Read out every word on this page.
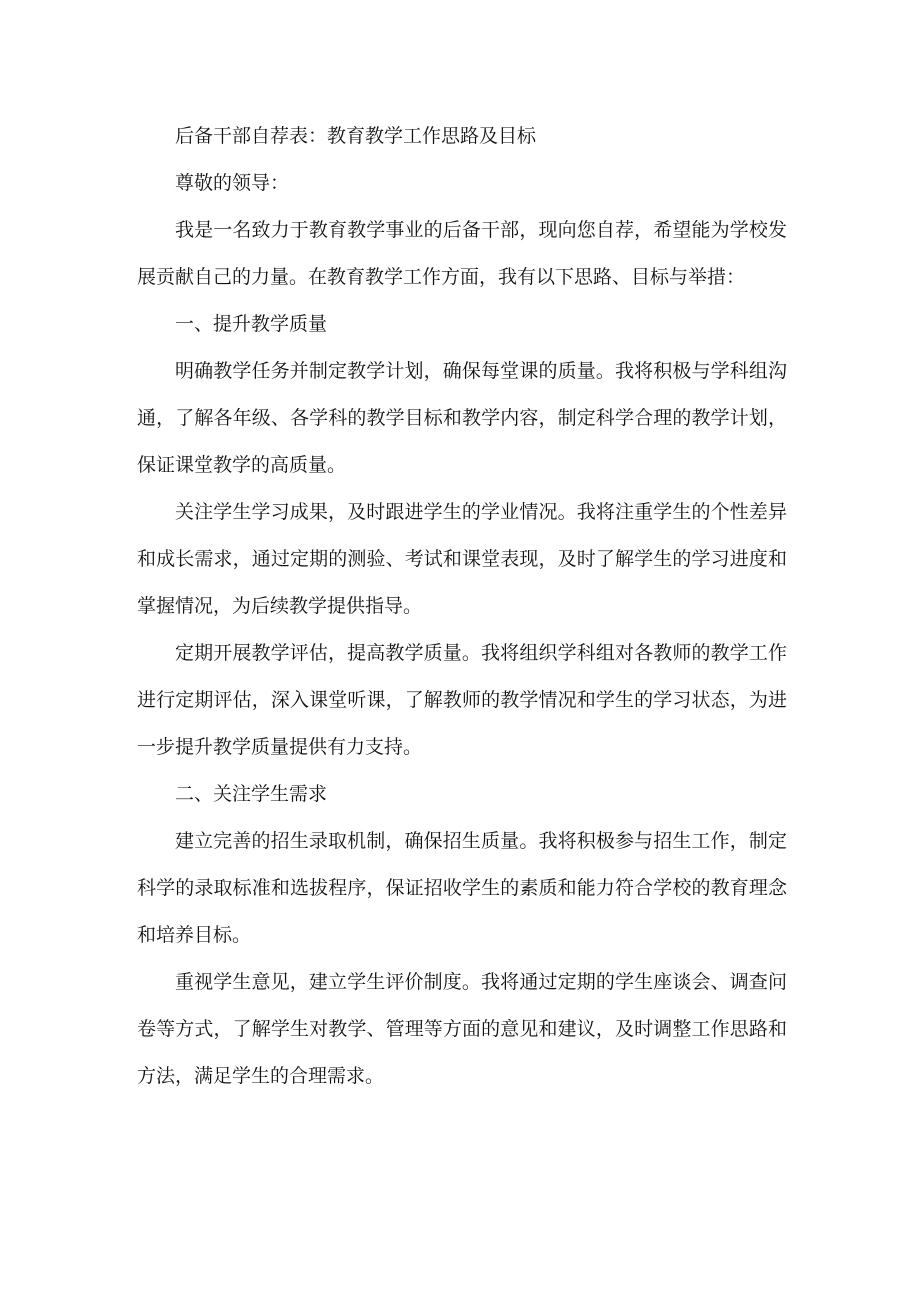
后备干部自荐表：教育教学工作思路及目标

尊敬的领导：

我是一名致力于教育教学事业的后备干部，现向您自荐，希望能为学校发展贡献自己的力量。在教育教学工作方面，我有以下思路、目标与举措：

一、提升教学质量

明确教学任务并制定教学计划，确保每堂课的质量。我将积极与学科组沟通，了解各年级、各学科的教学目标和教学内容，制定科学合理的教学计划，保证课堂教学的高质量。

关注学生学习成果，及时跟进学生的学业情况。我将注重学生的个性差异和成长需求，通过定期的测验、考试和课堂表现，及时了解学生的学习进度和掌握情况，为后续教学提供指导。

定期开展教学评估，提高教学质量。我将组织学科组对各教师的教学工作进行定期评估，深入课堂听课，了解教师的教学情况和学生的学习状态，为进一步提升教学质量提供有力支持。

二、关注学生需求

建立完善的招生录取机制，确保招生质量。我将积极参与招生工作，制定科学的录取标准和选拔程序，保证招收学生的素质和能力符合学校的教育理念和培养目标。

重视学生意见，建立学生评价制度。我将通过定期的学生座谈会、调查问卷等方式，了解学生对教学、管理等方面的意见和建议，及时调整工作思路和方法，满足学生的合理需求。
